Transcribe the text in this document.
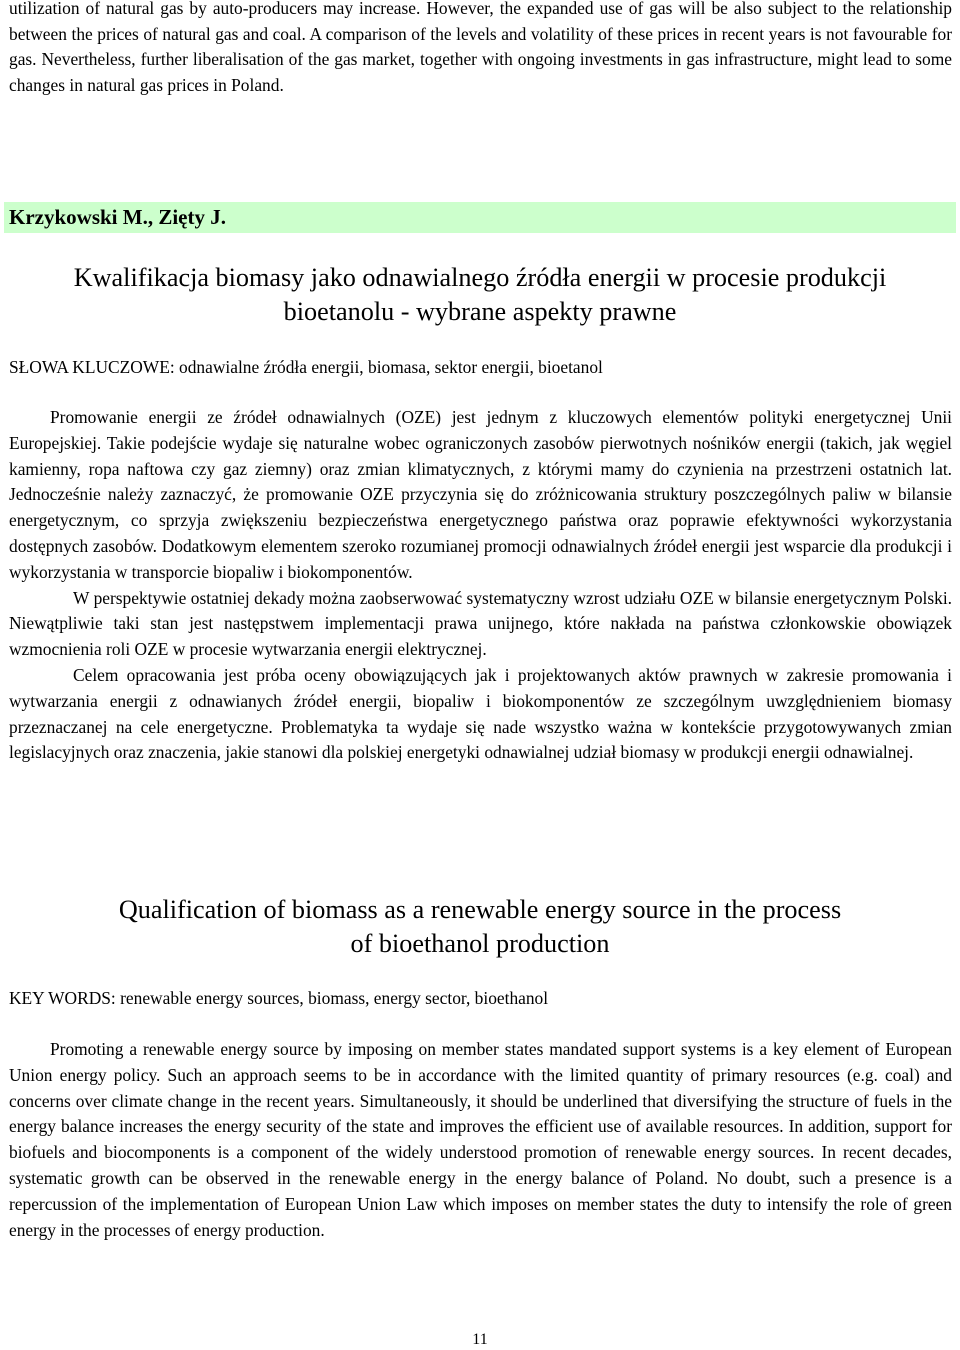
utilization of natural gas by auto-producers may increase. However, the expanded use of gas will be also subject to the relationship between the prices of natural gas and coal. A comparison of the levels and volatility of these prices in recent years is not favourable for gas. Nevertheless, further liberalisation of the gas market, together with ongoing investments in gas infrastructure, might lead to some changes in natural gas prices in Poland.

Krzykowski M., Zięty J.
Kwalifikacja biomasy jako odnawialnego źródła energii w procesie produkcji
bioetanolu - wybrane aspekty prawne
SŁOWA KLUCZOWE: odnawialne źródła energii, biomasa, sektor energii, bioetanol

Promowanie energii ze źródeł odnawialnych (OZE) jest jednym z kluczowych elementów polityki energetycznej Unii Europejskiej. Takie podejście wydaje się naturalne wobec ograniczonych zasobów pierwotnych nośników energii (takich, jak węgiel kamienny, ropa naftowa czy gaz ziemny) oraz zmian klimatycznych, z którymi mamy do czynienia na przestrzeni ostatnich lat. Jednocześnie należy zaznaczyć, że promowanie OZE przyczynia się do zróżnicowania struktury poszczególnych paliw w bilansie energetycznym, co sprzyja zwiększeniu bezpieczeństwa energetycznego państwa oraz poprawie efektywności wykorzystania dostępnych zasobów. Dodatkowym elementem szeroko rozumianej promocji odnawialnych źródeł energii jest wsparcie dla produkcji i wykorzystania w transporcie biopaliw i biokomponentów.

W perspektywie ostatniej dekady można zaobserwować systematyczny wzrost udziału OZE w bilansie energetycznym Polski. Niewątpliwie taki stan jest następstwem implementacji prawa unijnego, które nakłada na państwa członkowskie obowiązek wzmocnienia roli OZE w procesie wytwarzania energii elektrycznej.

Celem opracowania jest próba oceny obowiązujących jak i projektowanych aktów prawnych w zakresie promowania i wytwarzania energii z odnawianych źródeł energii, biopaliw i biokomponentów ze szczególnym uwzględnieniem biomasy przeznaczanej na cele energetyczne. Problematyka ta wydaje się nade wszystko ważna w kontekście przygotowywanych zmian legislacyjnych oraz znaczenia, jakie stanowi dla polskiej energetyki odnawialnej udział biomasy w produkcji energii odnawialnej.

Qualification of biomass as a renewable energy source in the process
of bioethanol production
KEY WORDS: renewable energy sources, biomass, energy sector, bioethanol

Promoting a renewable energy source by imposing on member states mandated support systems is a key element of European Union energy policy. Such an approach seems to be in accordance with the limited quantity of primary resources (e.g. coal) and concerns over climate change in the recent years. Simultaneously, it should be underlined that diversifying the structure of fuels in the energy balance increases the energy security of the state and improves the efficient use of available resources. In addition, support for biofuels and biocomponents is a component of the widely understood promotion of renewable energy sources. In recent decades, systematic growth can be observed in the renewable energy in the energy balance of Poland. No doubt, such a presence is a repercussion of the implementation of European Union Law which imposes on member states the duty to intensify the role of green energy in the processes of energy production.

11
